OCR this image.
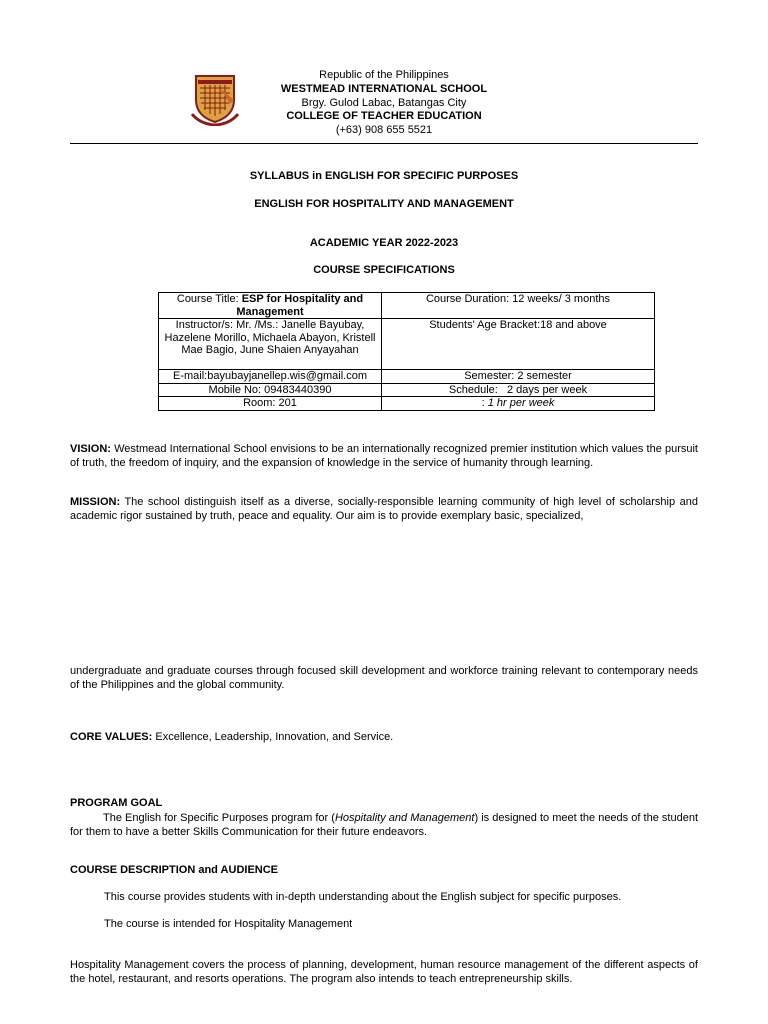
Republic of the Philippines
WESTMEAD INTERNATIONAL SCHOOL
Brgy. Gulod Labac, Batangas City
COLLEGE OF TEACHER EDUCATION
(+63) 908 655 5521
SYLLABUS in ENGLISH FOR SPECIFIC PURPOSES
ENGLISH FOR HOSPITALITY AND MANAGEMENT
ACADEMIC YEAR 2022-2023
COURSE SPECIFICATIONS
Course Title: ESP for Hospitality and Management	Course Duration: 12 weeks/ 3 months
Instructor/s: Mr. /Ms.: Janelle Bayubay, Hazelene Morillo, Michaela Abayon, Kristell Mae Bagio, June Shaien Anyayahan	Students' Age Bracket:18 and above
E-mail:bayubayjanellep.wis@gmail.com	Semester: 2 semester
Mobile No: 09483440390	Schedule:   2 days per week
Room: 201	: 1 hr per week
VISION: Westmead International School envisions to be an internationally recognized premier institution which values the pursuit of truth, the freedom of inquiry, and the expansion of knowledge in the service of humanity through learning.
MISSION: The school distinguish itself as a diverse, socially-responsible learning community of high level of scholarship and academic rigor sustained by truth, peace and equality. Our aim is to provide exemplary basic, specialized,
undergraduate and graduate courses through focused skill development and workforce training relevant to contemporary needs of the Philippines and the global community.
CORE VALUES: Excellence, Leadership, Innovation, and Service.
PROGRAM GOAL
The English for Specific Purposes program for (Hospitality and Management) is designed to meet the needs of the student for them to have a better Skills Communication for their future endeavors.
COURSE DESCRIPTION and AUDIENCE
This course provides students with in-depth understanding about the English subject for specific purposes.
The course is intended for Hospitality Management
Hospitality Management covers the process of planning, development, human resource management of the different aspects of the hotel, restaurant, and resorts operations. The program also intends to teach entrepreneurship skills.
